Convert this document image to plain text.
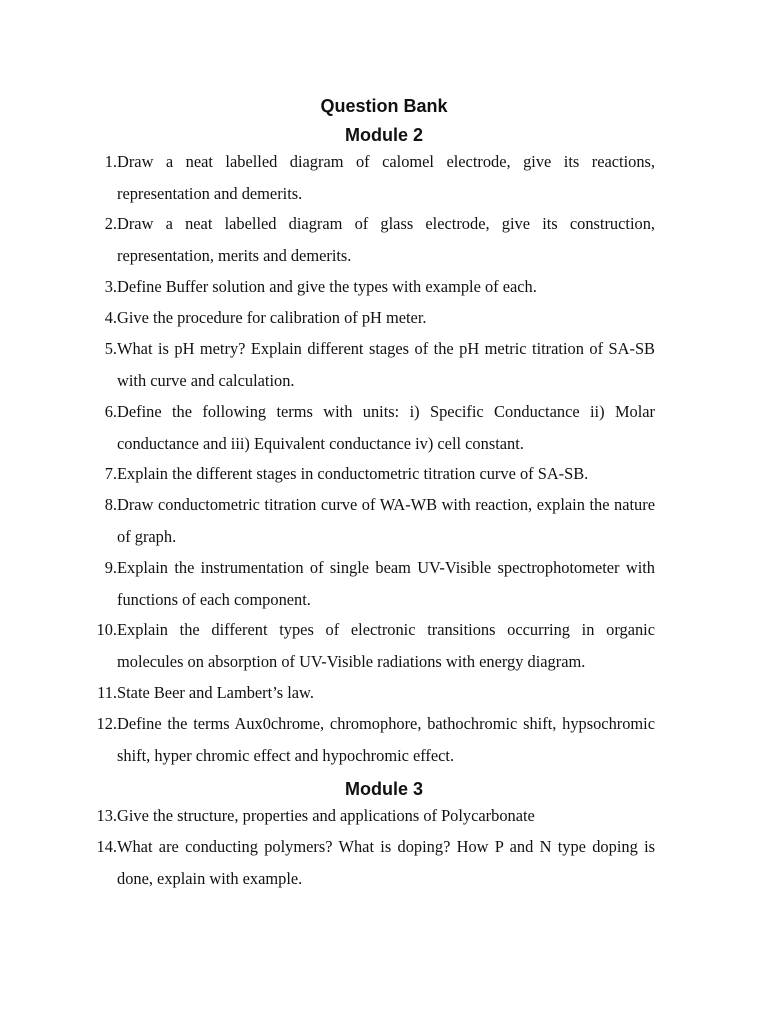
Question Bank
Module 2
1. Draw a neat labelled diagram of calomel electrode, give its reactions, representation and demerits.
2. Draw a neat labelled diagram of glass electrode, give its construction, representation, merits and demerits.
3. Define Buffer solution and give the types with example of each.
4. Give the procedure for calibration of pH meter.
5. What is pH metry? Explain different stages of the pH metric titration of SA-SB with curve and calculation.
6. Define the following terms with units: i) Specific Conductance ii) Molar conductance and iii) Equivalent conductance iv) cell constant.
7. Explain the different stages in conductometric titration curve of SA-SB.
8. Draw conductometric titration curve of WA-WB with reaction, explain the nature of graph.
9. Explain the instrumentation of single beam UV-Visible spectrophotometer with functions of each component.
10. Explain the different types of electronic transitions occurring in organic molecules on absorption of UV-Visible radiations with energy diagram.
11. State Beer and Lambert’s law.
12. Define the terms Aux0chrome, chromophore, bathochromic shift, hypsochromic shift, hyper chromic effect and hypochromic effect.
Module 3
13. Give the structure, properties and applications of Polycarbonate
14. What are conducting polymers? What is doping? How P and N type doping is done, explain with example.
